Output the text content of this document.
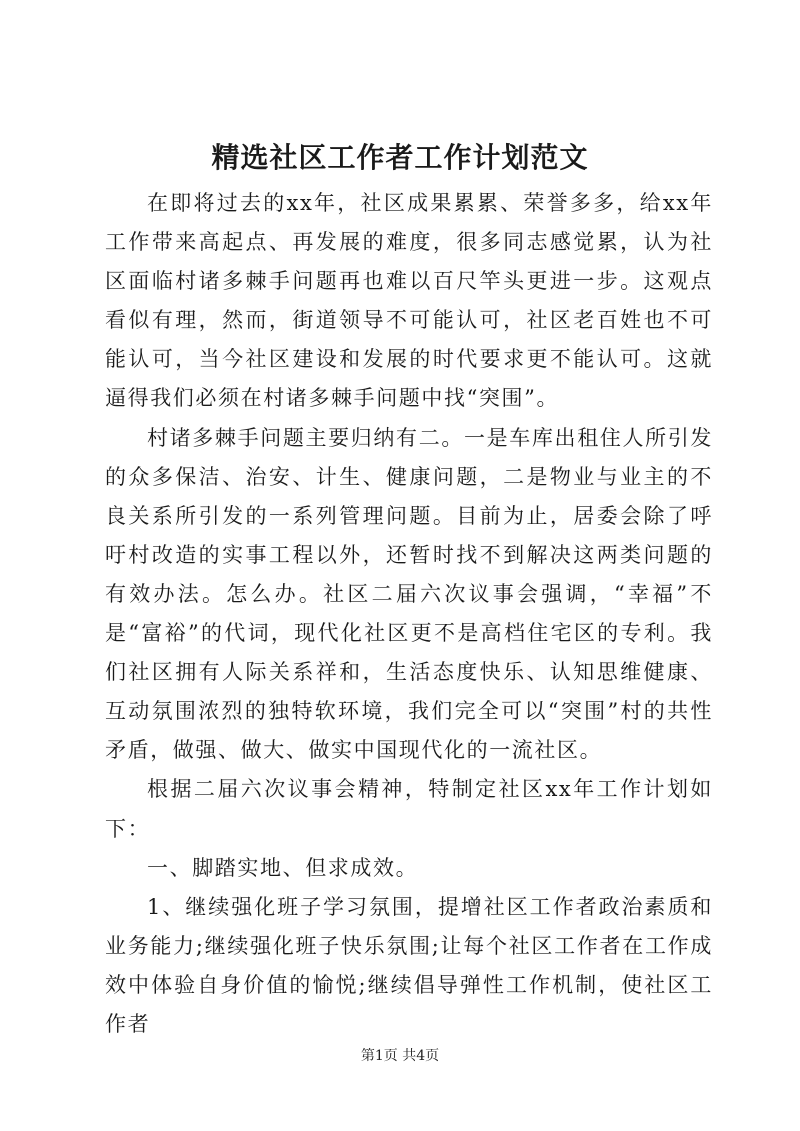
精选社区工作者工作计划范文

在即将过去的xx年，社区成果累累、荣誉多多，给xx年工作带来高起点、再发展的难度，很多同志感觉累，认为社区面临村诸多棘手问题再也难以百尺竿头更进一步。这观点看似有理，然而，街道领导不可能认可，社区老百姓也不可能认可，当今社区建设和发展的时代要求更不能认可。这就逼得我们必须在村诸多棘手问题中找“突围”。

村诸多棘手问题主要归纳有二。一是车库出租住人所引发的众多保洁、治安、计生、健康问题，二是物业与业主的不良关系所引发的一系列管理问题。目前为止，居委会除了呼吁村改造的实事工程以外，还暂时找不到解决这两类问题的有效办法。怎么办。社区二届六次议事会强调，“幸福”不是“富裕”的代词，现代化社区更不是高档住宅区的专利。我们社区拥有人际关系祥和，生活态度快乐、认知思维健康、互动氛围浓烈的独特软环境，我们完全可以“突围”村的共性矛盾，做强、做大、做实中国现代化的一流社区。

根据二届六次议事会精神，特制定社区xx年工作计划如下：

一、脚踏实地、但求成效。

1、继续强化班子学习氛围，提增社区工作者政治素质和业务能力;继续强化班子快乐氛围;让每个社区工作者在工作成效中体验自身价值的愉悦;继续倡导弹性工作机制，使社区工作者

第1页 共4页
